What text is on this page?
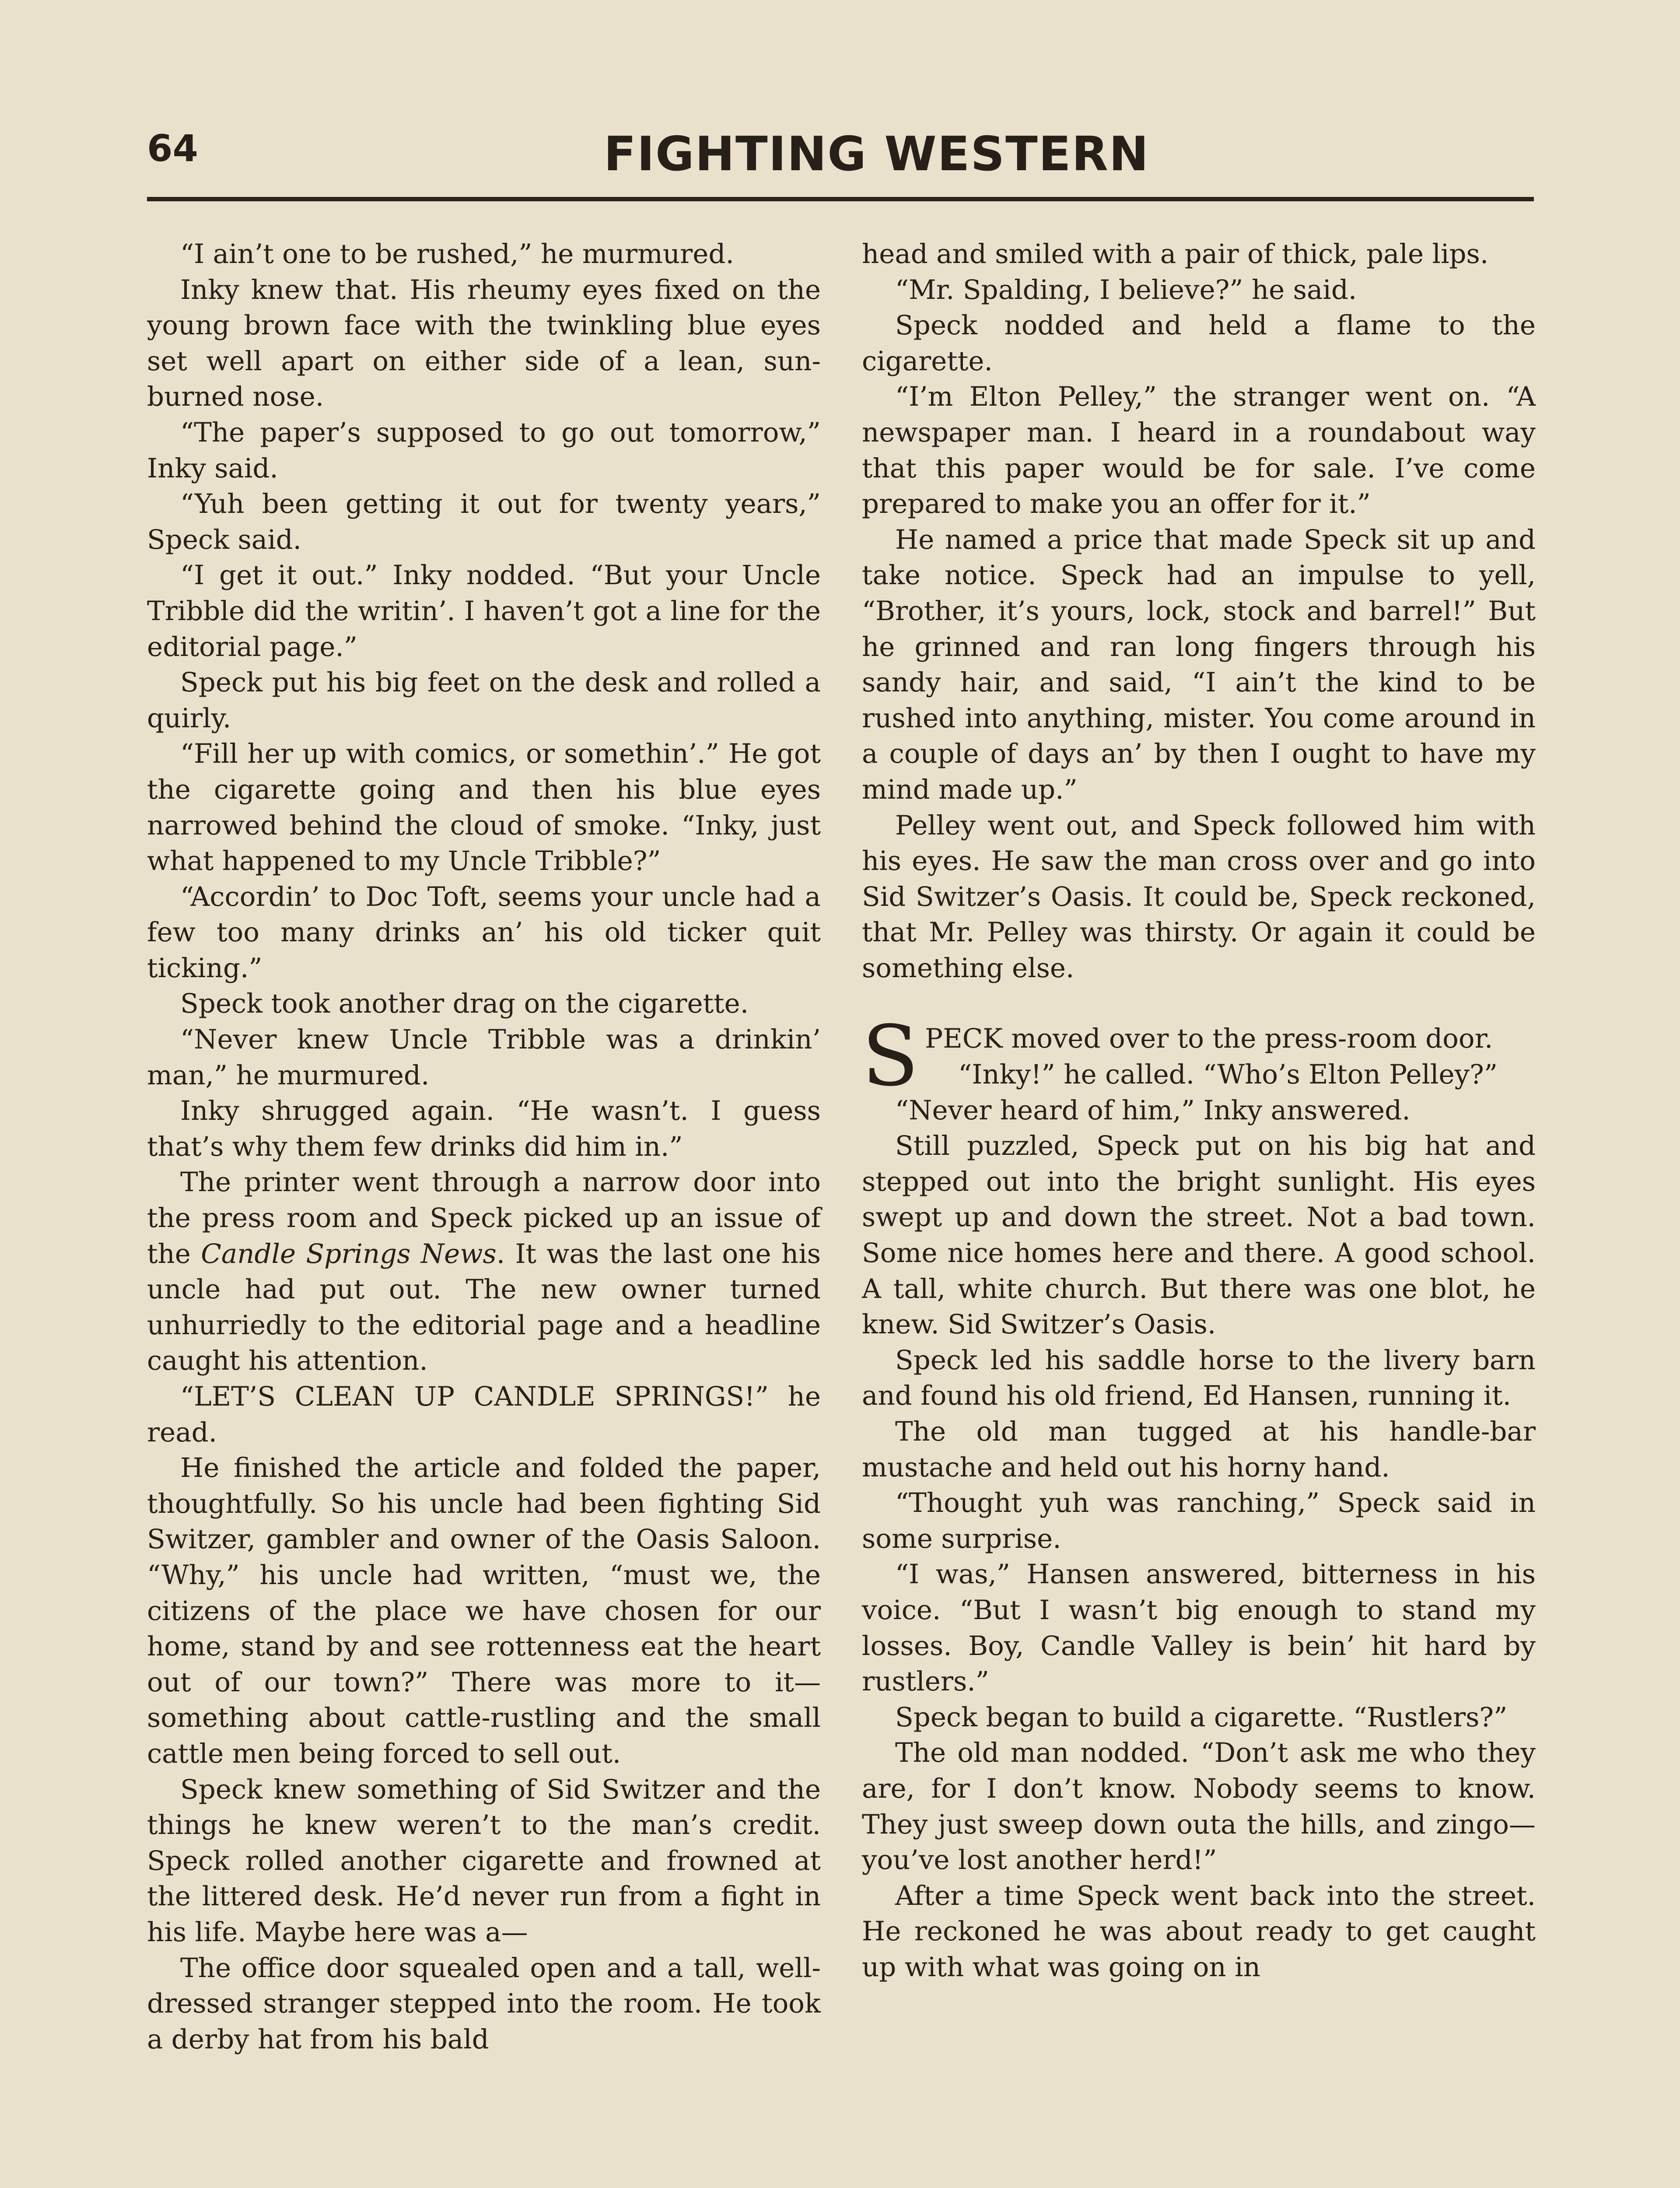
64	FIGHTING WESTERN

“I ain’t one to be rushed,” he murmured.

Inky knew that. His rheumy eyes fixed on the young brown face with the twinkling blue eyes set well apart on either side of a lean, sun-burned nose.

“The paper’s supposed to go out tomorrow,” Inky said.

“Yuh been getting it out for twenty years,” Speck said.

“I get it out.” Inky nodded. “But your Uncle Tribble did the writin’. I haven’t got a line for the editorial page.”

Speck put his big feet on the desk and rolled a quirly.

“Fill her up with comics, or somethin’.” He got the cigarette going and then his blue eyes narrowed behind the cloud of smoke. “Inky, just what happened to my Uncle Tribble?”

“Accordin’ to Doc Toft, seems your uncle had a few too many drinks an’ his old ticker quit ticking.”

Speck took another drag on the cigarette.

“Never knew Uncle Tribble was a drinkin’ man,” he murmured.

Inky shrugged again. “He wasn’t. I guess that’s why them few drinks did him in.”

The printer went through a narrow door into the press room and Speck picked up an issue of the Candle Springs News. It was the last one his uncle had put out. The new owner turned unhurriedly to the editorial page and a headline caught his attention.

“LET’S CLEAN UP CANDLE SPRINGS!” he read.

He finished the article and folded the paper, thoughtfully. So his uncle had been fighting Sid Switzer, gambler and owner of the Oasis Saloon. “Why,” his uncle had written, “must we, the citizens of the place we have chosen for our home, stand by and see rottenness eat the heart out of our town?” There was more to it—something about cattle-rustling and the small cattle men being forced to sell out.

Speck knew something of Sid Switzer and the things he knew weren’t to the man’s credit. Speck rolled another cigarette and frowned at the littered desk. He’d never run from a fight in his life. Maybe here was a—

The office door squealed open and a tall, well-dressed stranger stepped into the room. He took a derby hat from his bald

head and smiled with a pair of thick, pale lips.

“Mr. Spalding, I believe?” he said.

Speck nodded and held a flame to the cigarette.

“I’m Elton Pelley,” the stranger went on. “A newspaper man. I heard in a roundabout way that this paper would be for sale. I’ve come prepared to make you an offer for it.”

He named a price that made Speck sit up and take notice. Speck had an impulse to yell, “Brother, it’s yours, lock, stock and barrel!” But he grinned and ran long fingers through his sandy hair, and said, “I ain’t the kind to be rushed into anything, mister. You come around in a couple of days an’ by then I ought to have my mind made up.”

Pelley went out, and Speck followed him with his eyes. He saw the man cross over and go into Sid Switzer’s Oasis. It could be, Speck reckoned, that Mr. Pelley was thirsty. Or again it could be something else.

SPECK moved over to the press-room door.

“Inky!” he called. “Who’s Elton Pelley?”

“Never heard of him,” Inky answered.

Still puzzled, Speck put on his big hat and stepped out into the bright sunlight. His eyes swept up and down the street. Not a bad town. Some nice homes here and there. A good school. A tall, white church. But there was one blot, he knew. Sid Switzer’s Oasis.

Speck led his saddle horse to the livery barn and found his old friend, Ed Hansen, running it.

The old man tugged at his handle-bar mustache and held out his horny hand.

“Thought yuh was ranching,” Speck said in some surprise.

“I was,” Hansen answered, bitterness in his voice. “But I wasn’t big enough to stand my losses. Boy, Candle Valley is bein’ hit hard by rustlers.”

Speck began to build a cigarette. “Rustlers?”

The old man nodded. “Don’t ask me who they are, for I don’t know. Nobody seems to know. They just sweep down outa the hills, and zingo—you’ve lost another herd!”

After a time Speck went back into the street. He reckoned he was about ready to get caught up with what was going on in
